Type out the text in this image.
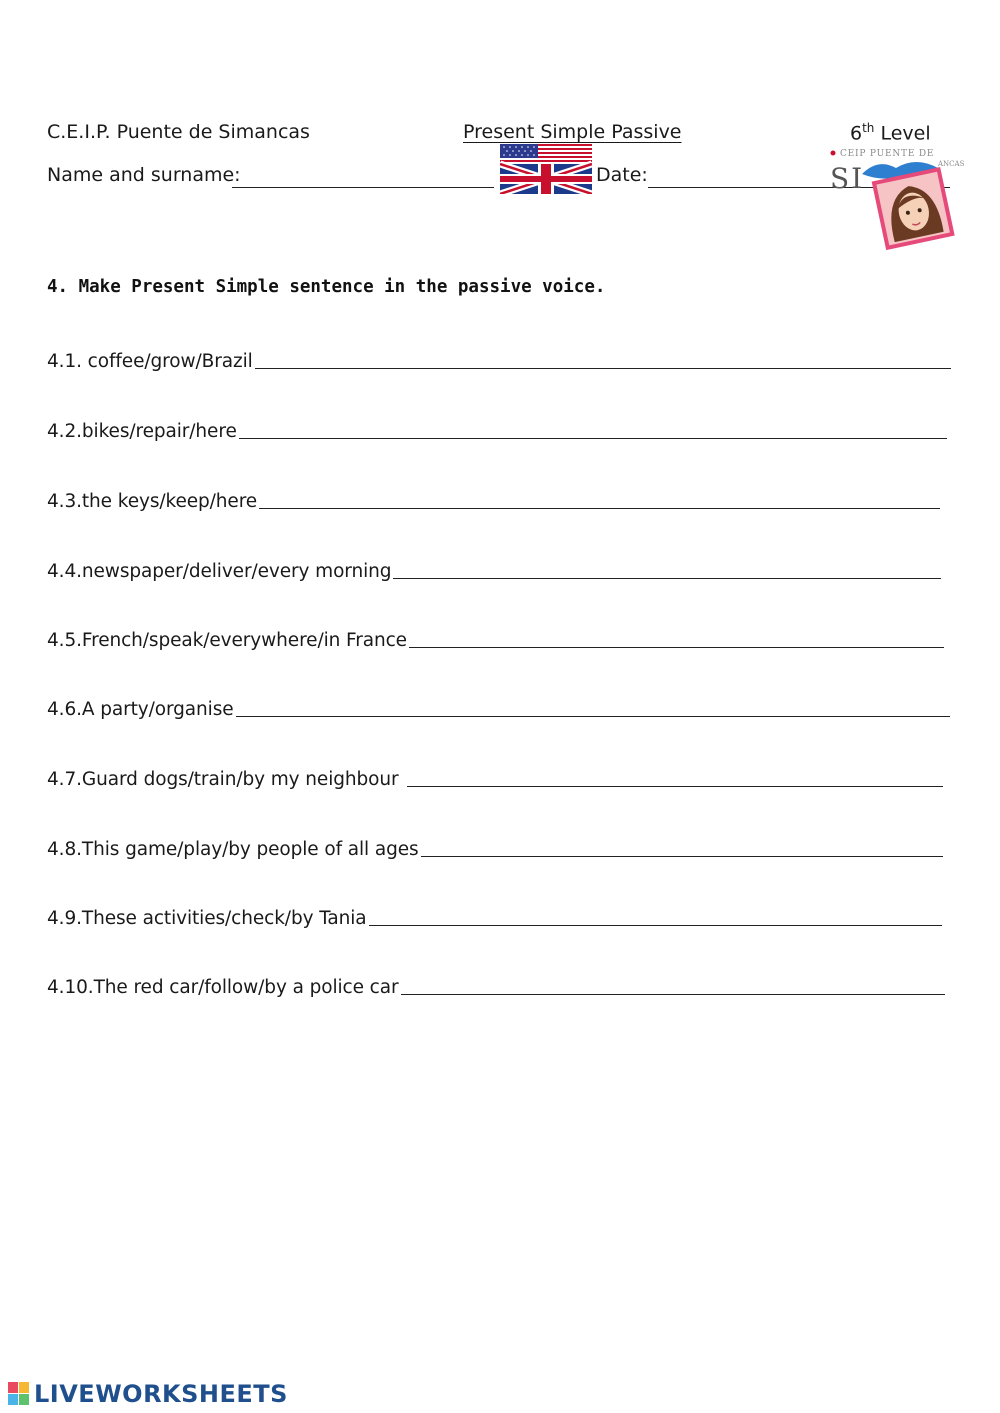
C.E.I.P. Puente de Simancas	Present Simple Passive	6th Level
Name and surname:	Date:
CEIP PUENTE DE
ANCAS
SI
4. Make Present Simple sentence in the passive voice.
4.1. coffee/grow/Brazil
4.2.bikes/repair/here
4.3.the keys/keep/here
4.4.newspaper/deliver/every morning
4.5.French/speak/everywhere/in France
4.6.A party/organise
4.7.Guard dogs/train/by my neighbour
4.8.This game/play/by people of all ages
4.9.These activities/check/by Tania
4.10.The red car/follow/by a police car
LIVEWORKSHEETS
